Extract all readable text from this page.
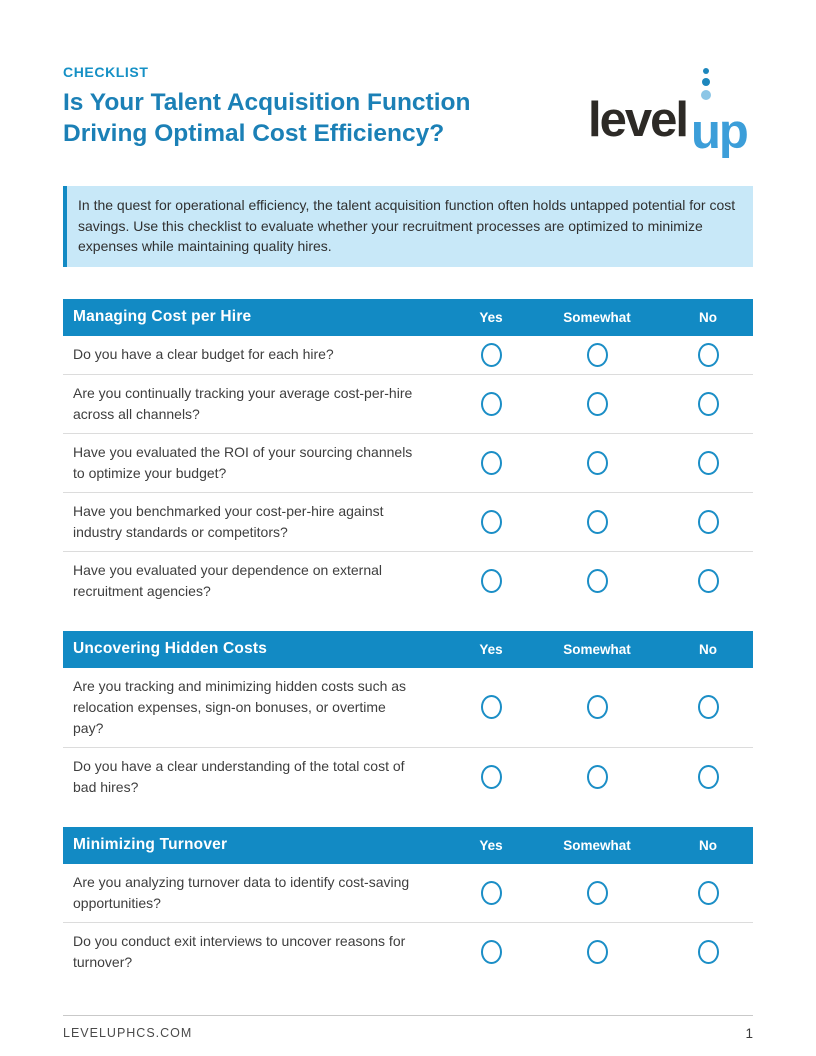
CHECKLIST
Is Your Talent Acquisition Function
Driving Optimal Cost Efficiency?	level up
In the quest for operational efficiency, the talent acquisition function often holds untapped potential for cost savings. Use this checklist to evaluate whether your recruitment processes are optimized to minimize expenses while maintaining quality hires.
Managing Cost per Hire	Yes	Somewhat	No
Do you have a clear budget for each hire?
Are you continually tracking your average cost-per-hire across all channels?
Have you evaluated the ROI of your sourcing channels to optimize your budget?
Have you benchmarked your cost-per-hire against industry standards or competitors?
Have you evaluated your dependence on external recruitment agencies?
Uncovering Hidden Costs	Yes	Somewhat	No
Are you tracking and minimizing hidden costs such as relocation expenses, sign-on bonuses, or overtime pay?
Do you have a clear understanding of the total cost of bad hires?
Minimizing Turnover	Yes	Somewhat	No
Are you analyzing turnover data to identify cost-saving opportunities?
Do you conduct exit interviews to uncover reasons for turnover?
LEVELUPHCS.COM	1
